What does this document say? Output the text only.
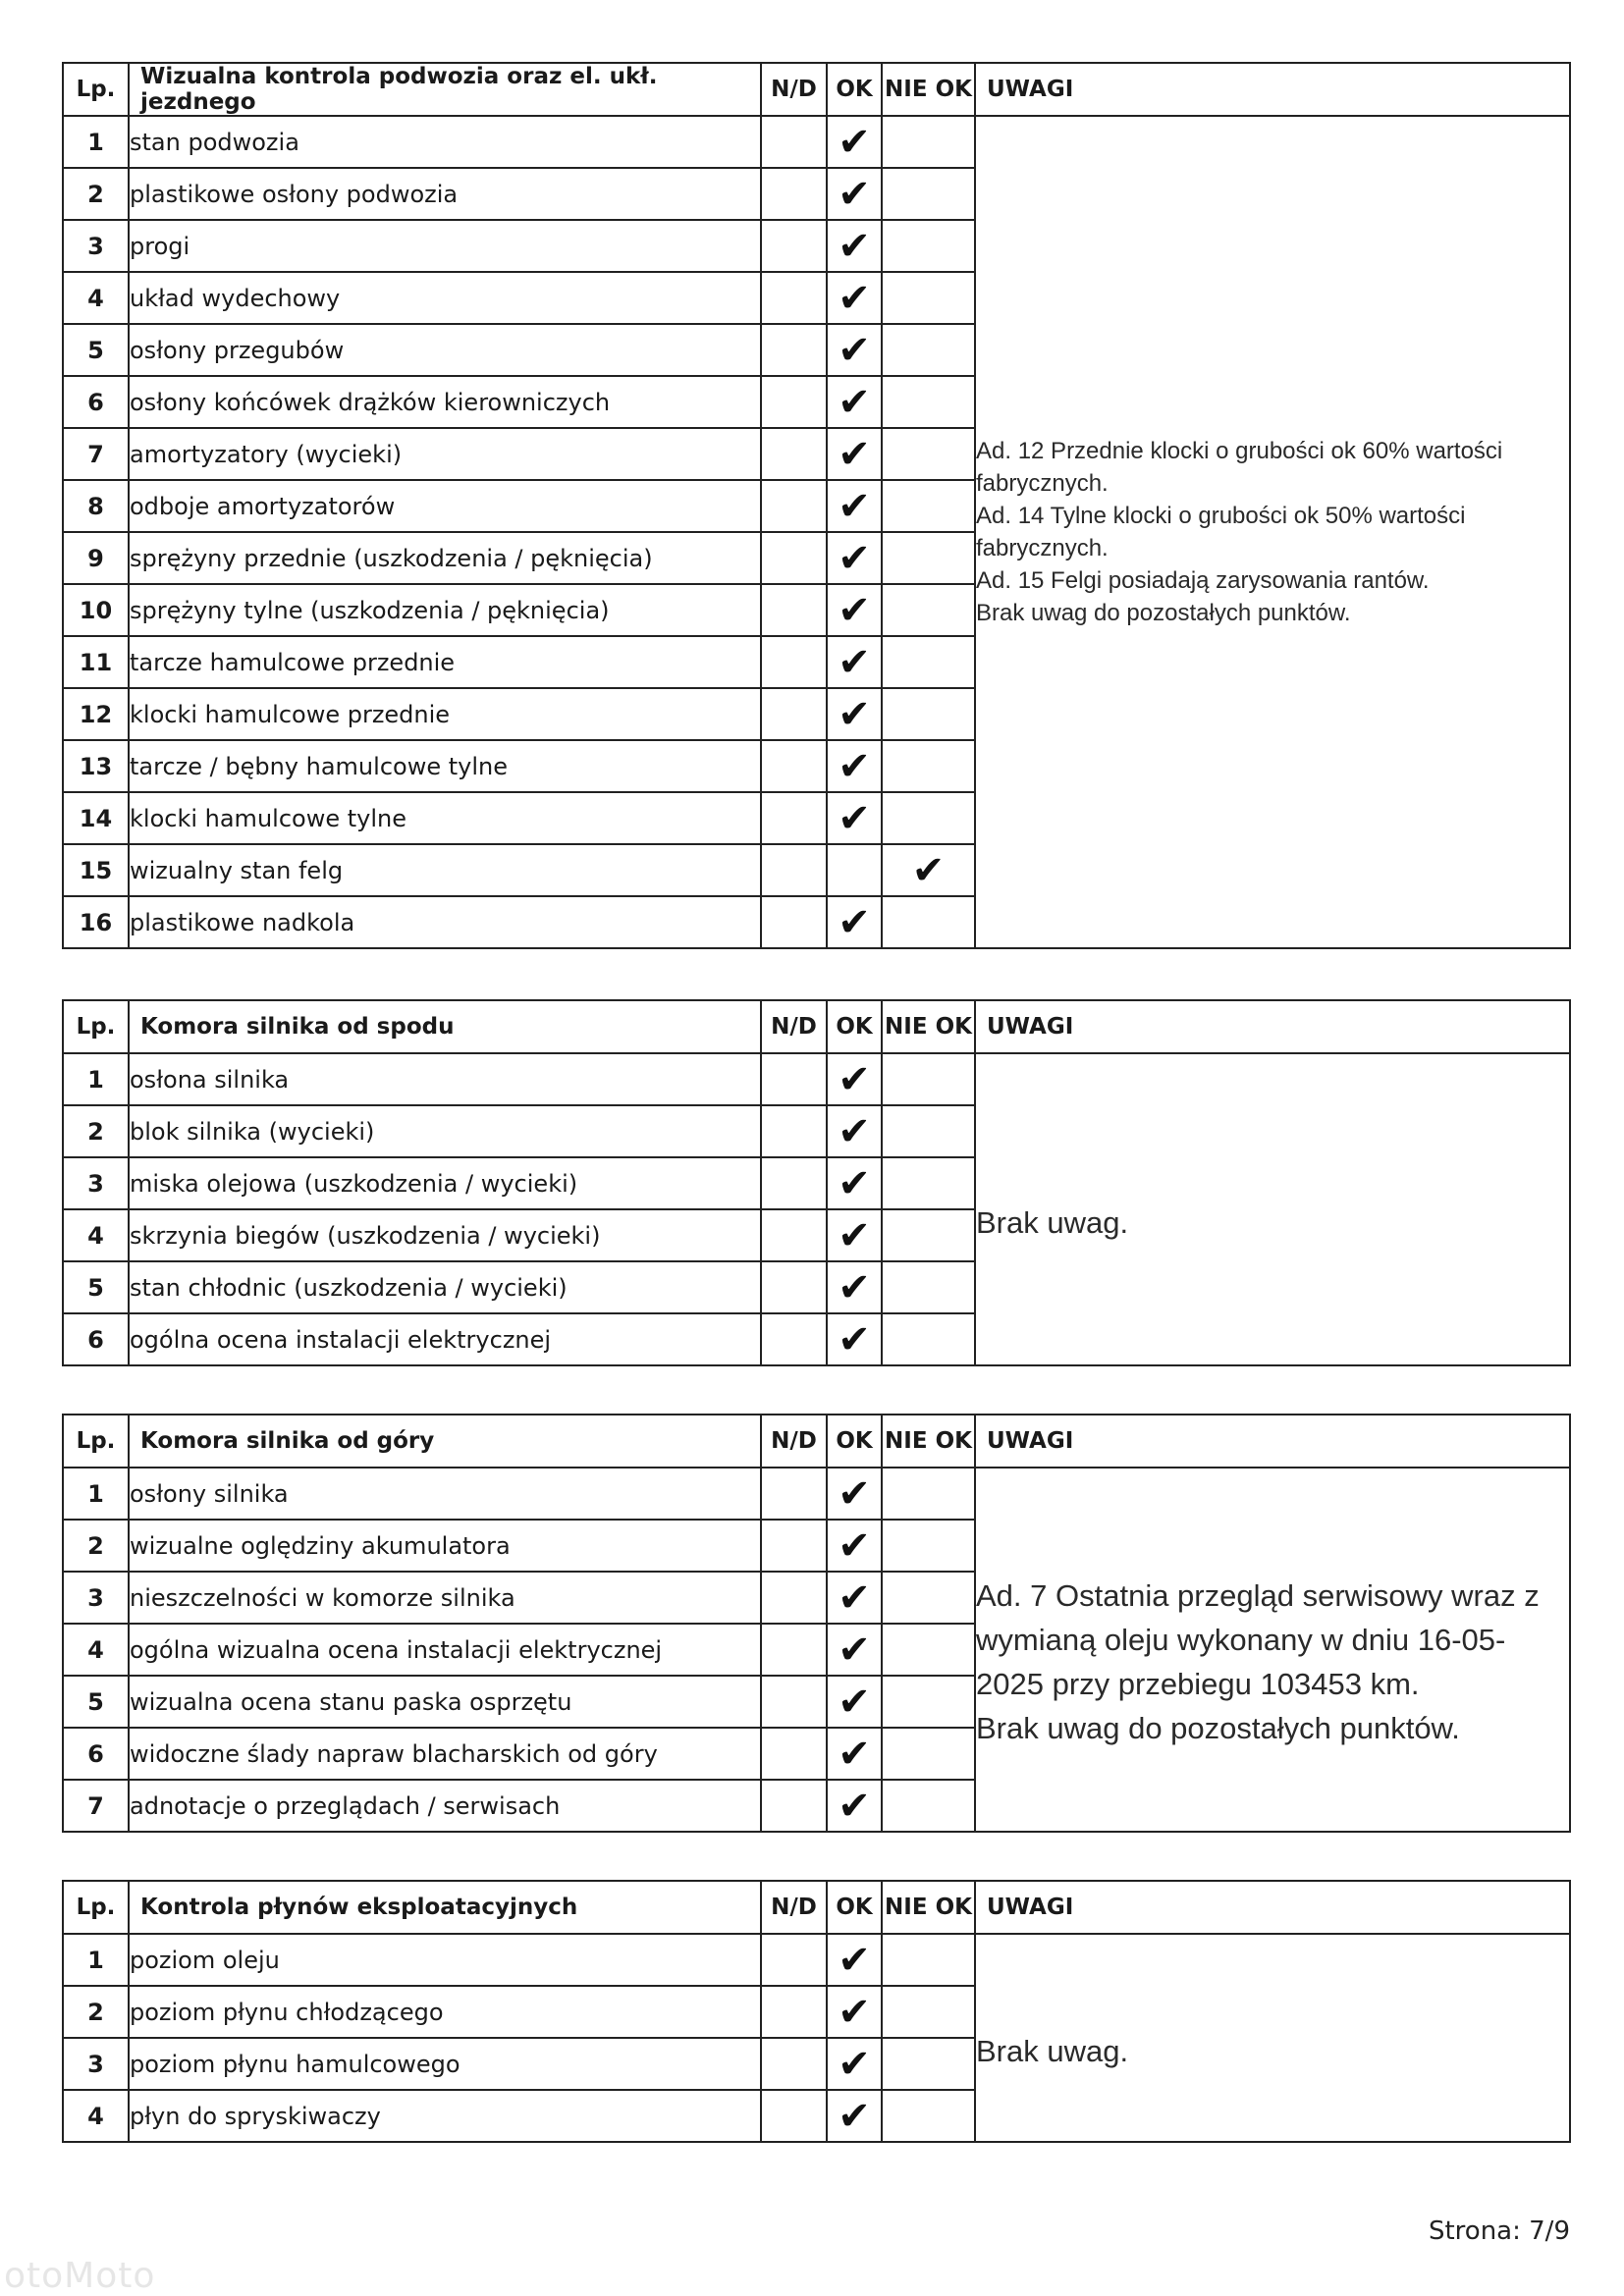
Lp.	Wizualna kontrola podwozia oraz el. ukł. jezdnego	N/D	OK	NIE OK	UWAGI
1	stan podwozia		✔		Ad. 12 Przednie klocki o grubości ok 60% wartości fabrycznych.
Ad. 14 Tylne klocki o grubości ok 50% wartości fabrycznych.
Ad. 15 Felgi posiadają zarysowania rantów.
Brak uwag do pozostałych punktów.

2	plastikowe osłony podwozia		✔		
3	progi		✔		
4	układ wydechowy		✔		
5	osłony przegubów		✔		
6	osłony końcówek drążków kierowniczych		✔		
7	amortyzatory (wycieki)		✔		
8	odboje amortyzatorów		✔		
9	sprężyny przednie (uszkodzenia / pęknięcia)		✔		
10	sprężyny tylne (uszkodzenia / pęknięcia)		✔		
11	tarcze hamulcowe przednie		✔		
12	klocki hamulcowe przednie		✔		
13	tarcze / bębny hamulcowe tylne		✔		
14	klocki hamulcowe tylne		✔		
15	wizualny stan felg			✔	
16	plastikowe nadkola		✔		
Lp.	Komora silnika od spodu	N/D	OK	NIE OK	UWAGI
1	osłona silnika		✔		Brak uwag.

2	blok silnika (wycieki)		✔		
3	miska olejowa (uszkodzenia / wycieki)		✔		
4	skrzynia biegów (uszkodzenia / wycieki)		✔		
5	stan chłodnic (uszkodzenia / wycieki)		✔		
6	ogólna ocena instalacji elektrycznej		✔		
Lp.	Komora silnika od góry	N/D	OK	NIE OK	UWAGI
1	osłony silnika		✔		Ad. 7 Ostatnia przegląd serwisowy wraz z wymianą oleju wykonany w dniu 16-05-2025 przy przebiegu 103453 km.
Brak uwag do pozostałych punktów.

2	wizualne oględziny akumulatora		✔		
3	nieszczelności w komorze silnika		✔		
4	ogólna wizualna ocena instalacji elektrycznej		✔		
5	wizualna ocena stanu paska osprzętu		✔		
6	widoczne ślady napraw blacharskich od góry		✔		
7	adnotacje o przeglądach / serwisach		✔		
Lp.	Kontrola płynów eksploatacyjnych	N/D	OK	NIE OK	UWAGI
1	poziom oleju		✔		Brak uwag.

2	poziom płynu chłodzącego		✔		
3	poziom płynu hamulcowego		✔		
4	płyn do spryskiwaczy		✔		
Strona: 7/9
otoMoto
